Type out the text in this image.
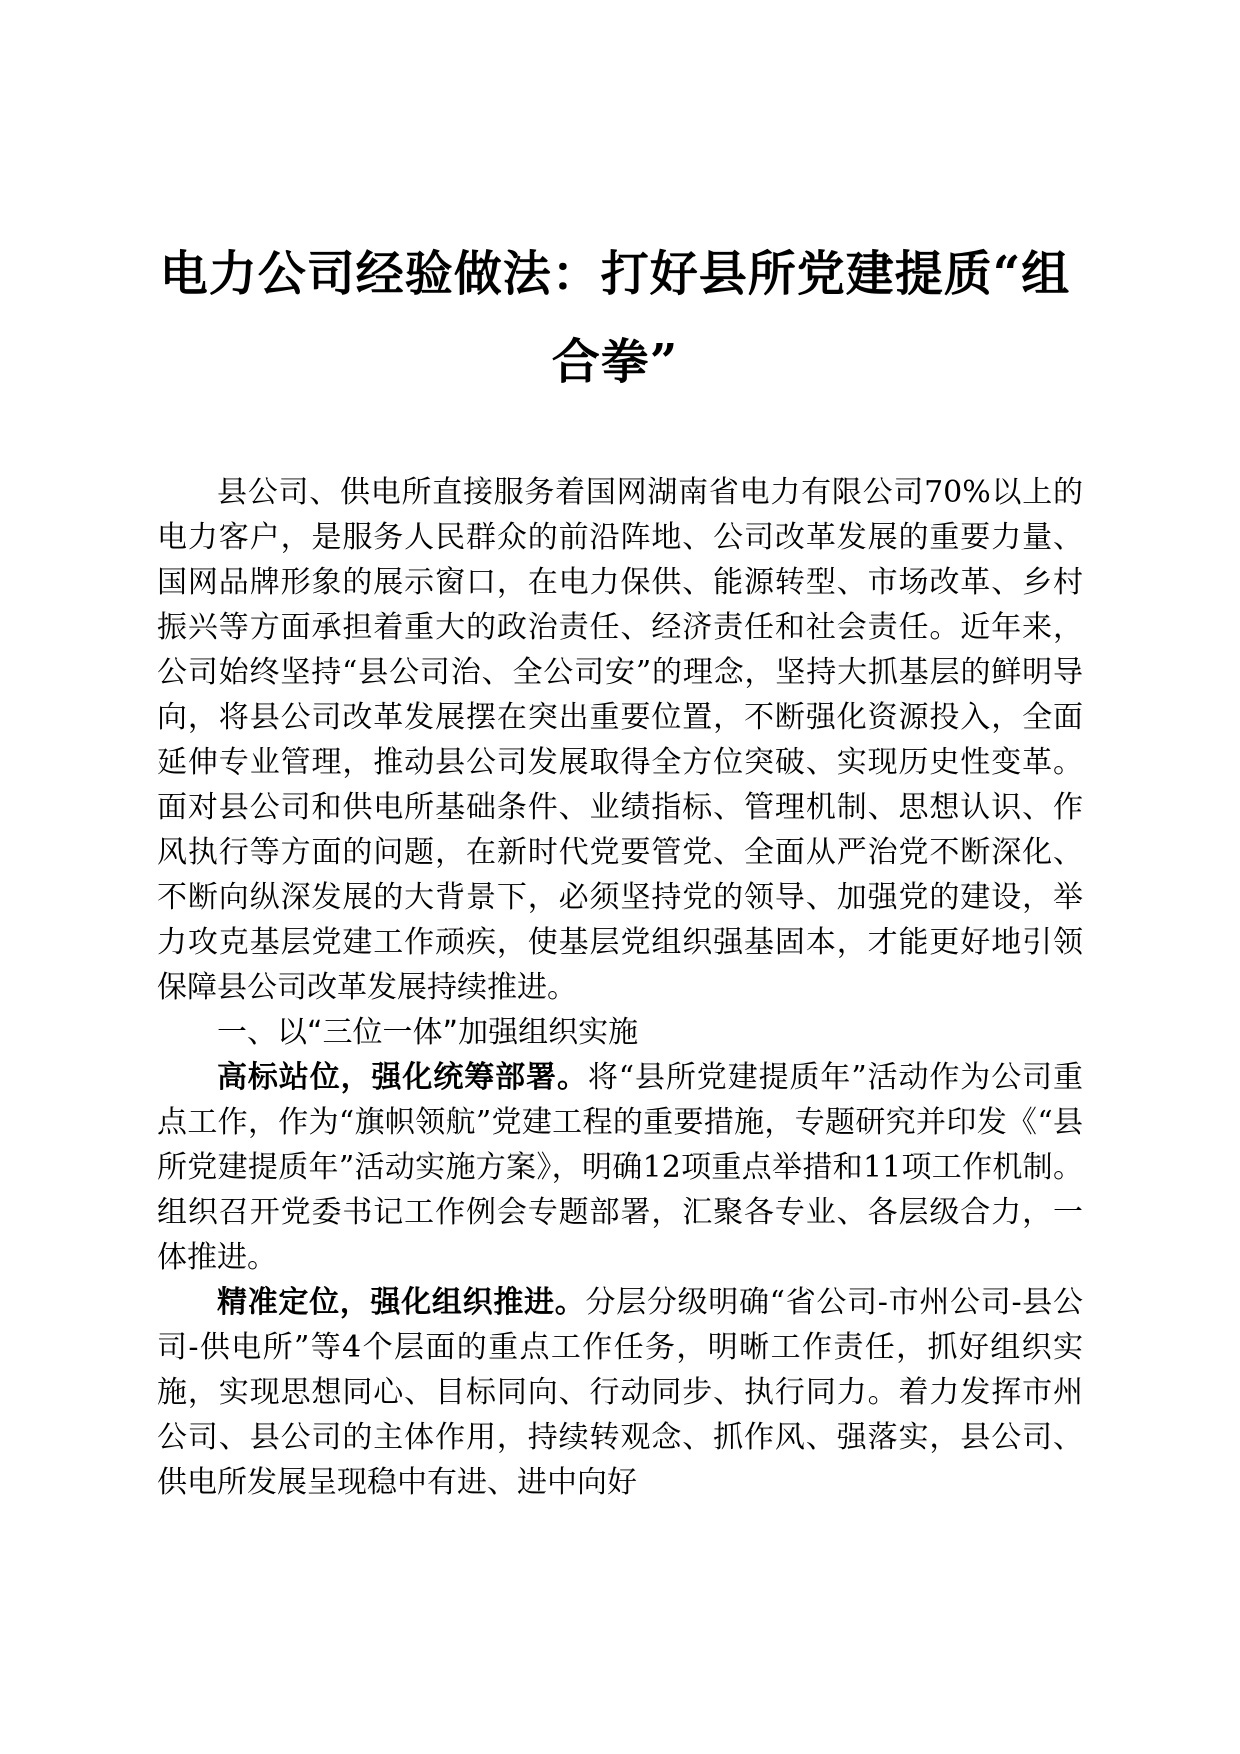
电力公司经验做法：打好县所党建提质“组合拳”

县公司、供电所直接服务着国网湖南省电力有限公司70%以上的电力客户，是服务人民群众的前沿阵地、公司改革发展的重要力量、国网品牌形象的展示窗口，在电力保供、能源转型、市场改革、乡村振兴等方面承担着重大的政治责任、经济责任和社会责任。近年来，公司始终坚持“县公司治、全公司安”的理念，坚持大抓基层的鲜明导向，将县公司改革发展摆在突出重要位置，不断强化资源投入，全面延伸专业管理，推动县公司发展取得全方位突破、实现历史性变革。面对县公司和供电所基础条件、业绩指标、管理机制、思想认识、作风执行等方面的问题，在新时代党要管党、全面从严治党不断深化、不断向纵深发展的大背景下，必须坚持党的领导、加强党的建设，举力攻克基层党建工作顽疾，使基层党组织强基固本，才能更好地引领保障县公司改革发展持续推进。

一、以“三位一体”加强组织实施

高标站位，强化统筹部署。将“县所党建提质年”活动作为公司重点工作，作为“旗帜领航”党建工程的重要措施，专题研究并印发《“县所党建提质年”活动实施方案》，明确12项重点举措和11项工作机制。组织召开党委书记工作例会专题部署，汇聚各专业、各层级合力，一体推进。

精准定位，强化组织推进。分层分级明确“省公司-市州公司-县公司-供电所”等4个层面的重点工作任务，明晰工作责任，抓好组织实施，实现思想同心、目标同向、行动同步、执行同力。着力发挥市州公司、县公司的主体作用，持续转观念、抓作风、强落实，县公司、供电所发展呈现稳中有进、进中向好
